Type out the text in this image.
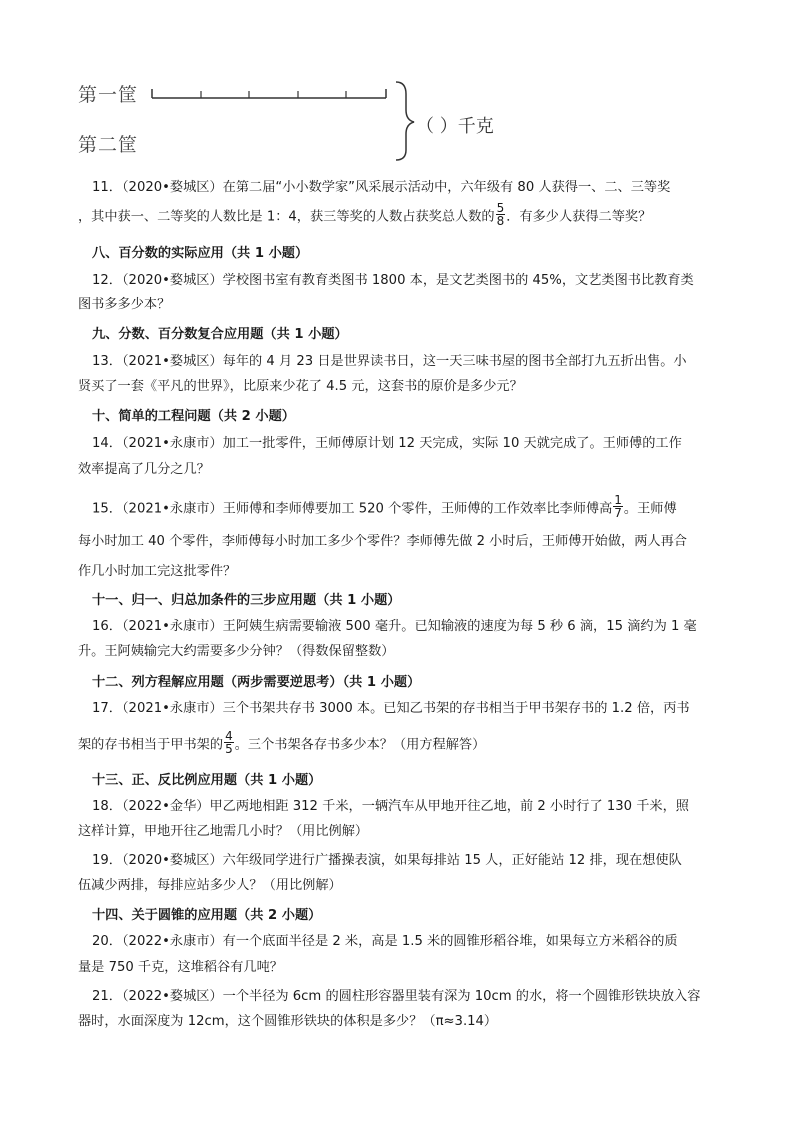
第一筐
第二筐
（ ）千克
11．（2020•婺城区）在第二届“小小数学家”风采展示活动中，六年级有 80 人获得一、二、三等奖
，其中获一、二等奖的人数比是 1：4，获三等奖的人数占获奖总人数的 $\frac{5}{8}$ ．有多少人获得二等奖？
八、百分数的实际应用（共 1 小题）
12．（2020•婺城区）学校图书室有教育类图书 1800 本，是文艺类图书的 45%，文艺类图书比教育类
图书多多少本？
九、分数、百分数复合应用题（共 1 小题）
13．（2021•婺城区）每年的 4 月 23 日是世界读书日，这一天三味书屋的图书全部打九五折出售。小
贤买了一套《平凡的世界》，比原来少花了 4.5 元，这套书的原价是多少元？
十、简单的工程问题（共 2 小题）
14．（2021•永康市）加工一批零件，王师傅原计划 12 天完成，实际 10 天就完成了。王师傅的工作
效率提高了几分之几？
15．（2021•永康市）王师傅和李师傅要加工 520 个零件，王师傅的工作效率比李师傅高 $\frac{1}{7}$ 。王师傅
每小时加工 40 个零件，李师傅每小时加工多少个零件？李师傅先做 2 小时后，王师傅开始做，两人再合
作几小时加工完这批零件？
十一、归一、归总加条件的三步应用题（共 1 小题）
16．（2021•永康市）王阿姨生病需要输液 500 毫升。已知输液的速度为每 5 秒 6 滴，15 滴约为 1 毫
升。王阿姨输完大约需要多少分钟？（得数保留整数）
十二、列方程解应用题（两步需要逆思考）（共 1 小题）
17．（2021•永康市）三个书架共存书 3000 本。已知乙书架的存书相当于甲书架存书的 1.2 倍，丙书
架的存书相当于甲书架的 $\frac{4}{5}$ 。三个书架各存书多少本？（用方程解答）
十三、正、反比例应用题（共 1 小题）
18．（2022•金华）甲乙两地相距 312 千米，一辆汽车从甲地开往乙地，前 2 小时行了 130 千米，照
这样计算，甲地开往乙地需几小时？（用比例解）
19．（2020•婺城区）六年级同学进行广播操表演，如果每排站 15 人，正好能站 12 排，现在想使队
伍减少两排，每排应站多少人？（用比例解）
十四、关于圆锥的应用题（共 2 小题）
20．（2022•永康市）有一个底面半径是 2 米，高是 1.5 米的圆锥形稻谷堆，如果每立方米稻谷的质
量是 750 千克，这堆稻谷有几吨？
21．（2022•婺城区）一个半径为 6cm 的圆柱形容器里装有深为 10cm 的水，将一个圆锥形铁块放入容
器时，水面深度为 12cm，这个圆锥形铁块的体积是多少？（π≈3.14）
